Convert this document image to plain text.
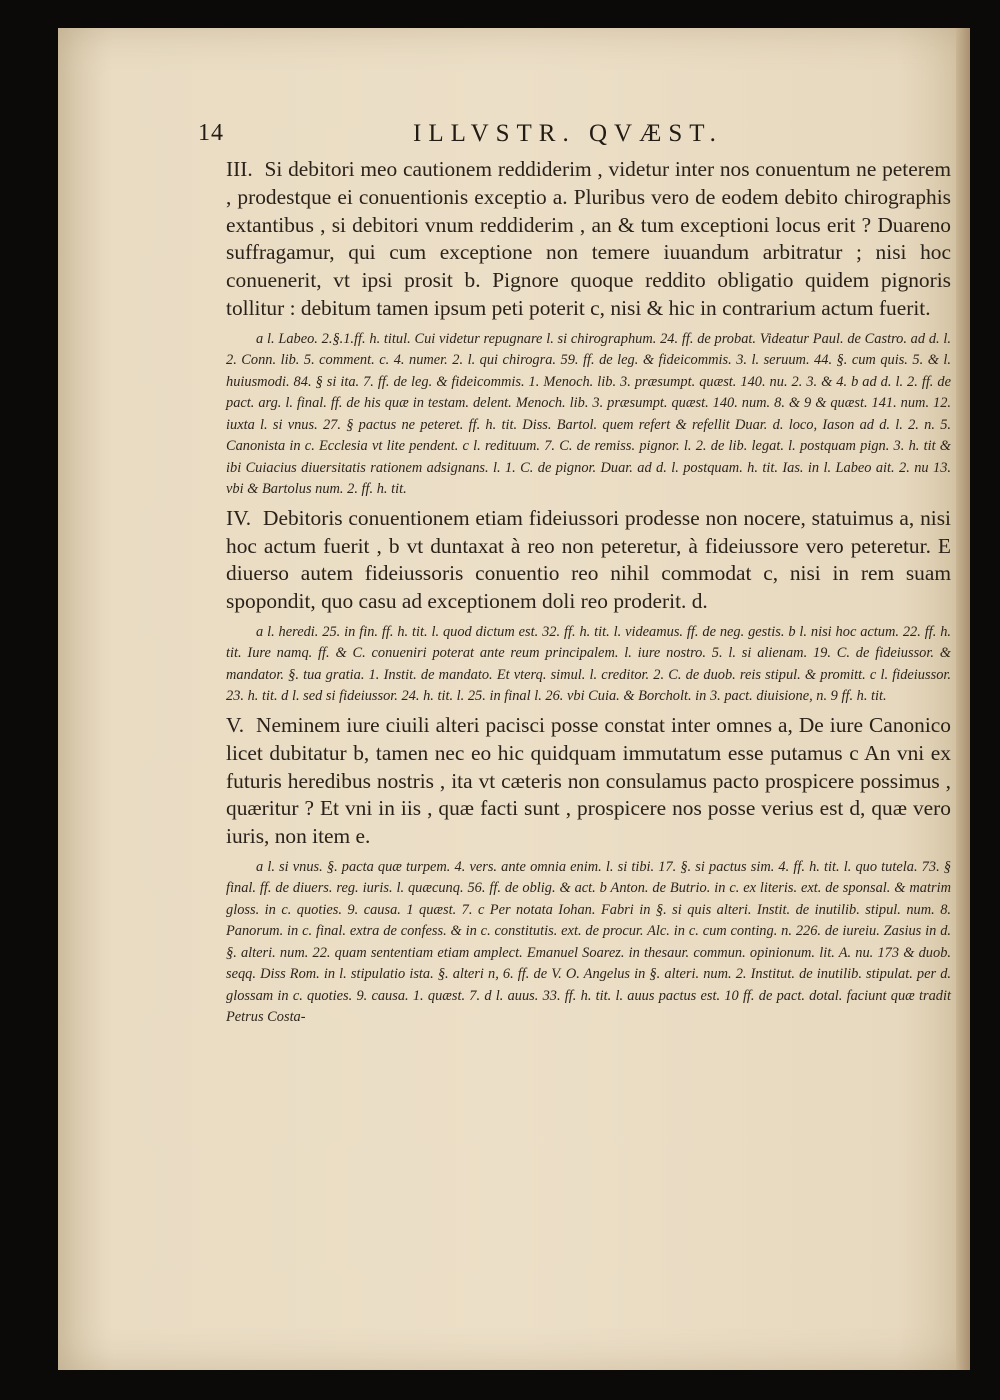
14	ILLVSTR. QVÆST.

III. Si debitori meo cautionem reddiderim , videtur inter nos conuentum ne peterem , prodestque ei conuentionis exceptio a. Pluribus vero de eodem debito chirographis extantibus , si debitori vnum reddiderim , an & tum exceptioni locus erit ? Duareno suffragamur, qui cum exceptione non temere iuuandum arbitratur ; nisi hoc conuenerit, vt ipsi prosit b. Pignore quoque reddito obligatio quidem pignoris tollitur : debitum tamen ipsum peti poterit c, nisi & hic in contrarium actum fuerit.

a l. Labeo. 2.§.1.ff. h. titul. Cui videtur repugnare l. si chirographum. 24. ff. de probat. Videatur Paul. de Castro. ad d. l. 2. Conn. lib. 5. comment. c. 4. numer. 2. l. qui chirogra. 59. ff. de leg. & fideicommis. 3. l. seruum. 44. §. cum quis. 5. & l. huiusmodi. 84. § si ita. 7. ff. de leg. & fideicommis. 1. Menoch. lib. 3. præsumpt. quæst. 140. nu. 2. 3. & 4. b ad d. l. 2. ff. de pact. arg. l. final. ff. de his quæ in testam. delent. Menoch. lib. 3. præsumpt. quæst. 140. num. 8. & 9 & quæst. 141. num. 12. iuxta l. si vnus. 27. § pactus ne peteret. ff. h. tit. Diss. Bartol. quem refert & refellit Duar. d. loco, Iason ad d. l. 2. n. 5. Canonista in c. Ecclesia vt lite pendent. c l. redituum. 7. C. de remiss. pignor. l. 2. de lib. legat. l. postquam pign. 3. h. tit & ibi Cuiacius diuersitatis rationem adsignans. l. 1. C. de pignor. Duar. ad d. l. postquam. h. tit. Ias. in l. Labeo ait. 2. nu 13. vbi & Bartolus num. 2. ff. h. tit.

IV. Debitoris conuentionem etiam fideiussori prodesse non nocere, statuimus a, nisi hoc actum fuerit , b vt duntaxat à reo non peteretur, à fideiussore vero peteretur. E diuerso autem fideiussoris conuentio reo nihil commodat c, nisi in rem suam spopondit, quo casu ad exceptionem doli reo proderit. d.

a l. heredi. 25. in fin. ff. h. tit. l. quod dictum est. 32. ff. h. tit. l. videamus. ff. de neg. gestis. b l. nisi hoc actum. 22. ff. h. tit. Iure namq. ff. & C. conueniri poterat ante reum principalem. l. iure nostro. 5. l. si alienam. 19. C. de fideiussor. & mandator. §. tua gratia. 1. Instit. de mandato. Et vterq. simul. l. creditor. 2. C. de duob. reis stipul. & promitt. c l. fideiussor. 23. h. tit. d l. sed si fideiussor. 24. h. tit. l. 25. in final l. 26. vbi Cuia. & Borcholt. in 3. pact. diuisione, n. 9 ff. h. tit.

V. Neminem iure ciuili alteri paciscі posse constat inter omnes a, De iure Canonico licet dubitatur b, tamen nec eo hic quidquam immutatum esse putamus c An vni ex futuris heredibus nostris , ita vt cæteris non consulamus pacto prospicere possimus , quæritur ? Et vni in iis , quæ facti sunt , prospicere nos posse verius est d, quæ vero iuris, non item e.

a l. si vnus. §. pacta quæ turpem. 4. vers. ante omnia enim. l. si tibi. 17. §. si pactus sim. 4. ff. h. tit. l. quo tutela. 73. § final. ff. de diuers. reg. iuris. l. quæcunq. 56. ff. de oblig. & act. b Anton. de Butrio. in c. ex literis. ext. de sponsal. & matrim gloss. in c. quoties. 9. causa. 1 quæst. 7. c Per notata Iohan. Fabri in §. si quis alteri. Instit. de inutilib. stipul. num. 8. Panorum. in c. final. extra de confess. & in c. constitutis. ext. de procur. Alc. in c. cum conting. n. 226. de iureiu. Zasius in d. §. alteri. num. 22. quam sententiam etiam amplect. Emanuel Soarez. in thesaur. commun. opinionum. lit. A. nu. 173 & duob. seqq. Diss Rom. in l. stipulatio ista. §. alteri n, 6. ff. de V. O. Angelus in §. alteri. num. 2. Institut. de inutilib. stipulat. per d. glossam in c. quoties. 9. causa. 1. quæst. 7. d l. auus. 33. ff. h. tit. l. auus pactus est. 10 ff. de pact. dotal. faciunt quæ tradit Petrus Costa-
